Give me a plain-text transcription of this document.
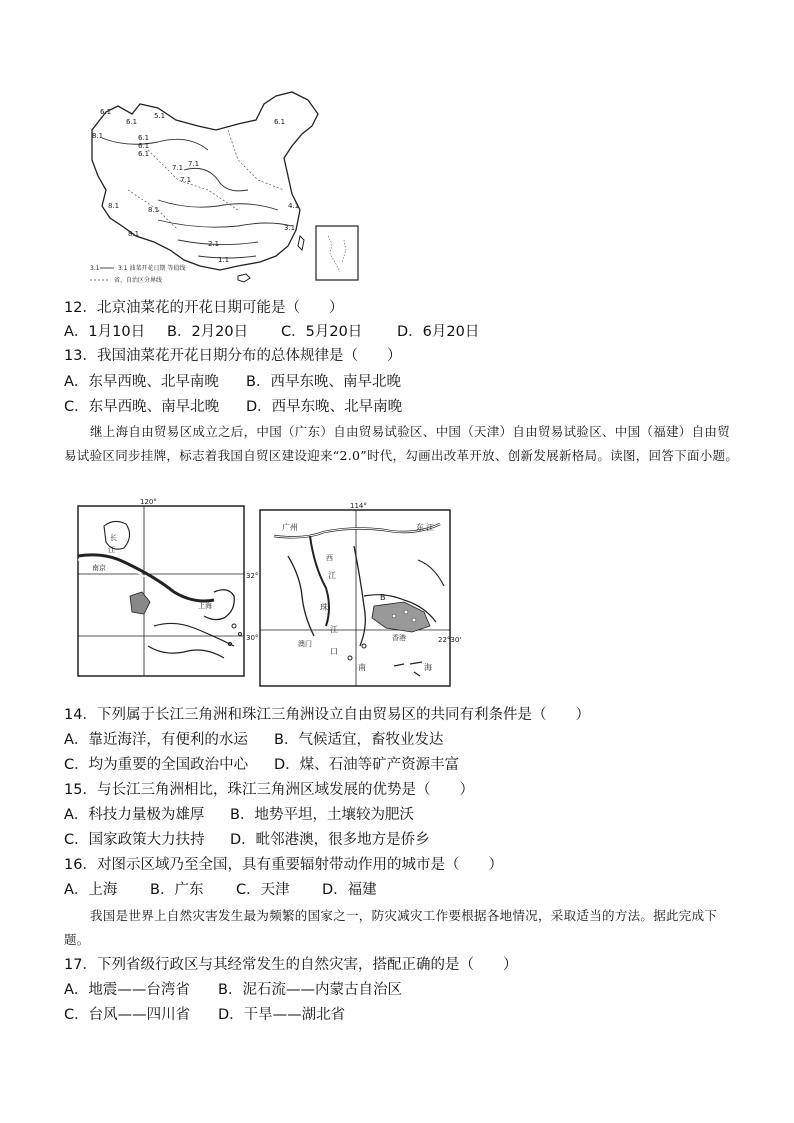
6.1
8.1
6.1
5.1
6.1
6.1
6.1
7.1 7.1
7.1
6.1
8.1	8.1
8.1
4.1
3.1
2.1
1.1
3.1	3.1 油菜开花日期 等值线
省、自治区分界线
12．北京油菜花的开花日期可能是（　　）
A．1月10日 B．2月20日 C．5月20日 D．6月20日
13．我国油菜花开花日期分布的总体规律是（　　）
A．东早西晚、北早南晚 B．西早东晚、南早北晚
C．东早西晚、南早北晚 D．西早东晚、北早南晚
继上海自由贸易区成立之后，中国（广东）自由贸易试验区、中国（天津）自由贸易试验区、中国（福建）自由贸易试验区同步挂牌，标志着我国自贸区建设迎来“2.0”时代，勾画出改革开放、创新发展新格局。读图，回答下面小题。
120°
32°
30°
长
江
南京
上海
114°
22°30'
广州	东 江
西
江
珠
江
口
B
澳门
香港
南	海
14．下列属于长江三角洲和珠江三角洲设立自由贸易区的共同有利条件是（　　）
A．靠近海洋，有便利的水运 B．气候适宜，畜牧业发达
C．均为重要的全国政治中心 D．煤、石油等矿产资源丰富
15．与长江三角洲相比，珠江三角洲区域发展的优势是（　　）
A．科技力量极为雄厚 B．地势平坦，土壤较为肥沃
C．国家政策大力扶持 D．毗邻港澳，很多地方是侨乡
16．对图示区域乃至全国，具有重要辐射带动作用的城市是（　　）
A．上海 B．广东 C．天津 D．福建
我国是世界上自然灾害发生最为频繁的国家之一，防灾减灾工作要根据各地情况，采取适当的方法。据此完成下题。
17．下列省级行政区与其经常发生的自然灾害，搭配正确的是（　　）
A．地震——台湾省 B．泥石流——内蒙古自治区
C．台风——四川省 D．干旱——湖北省
